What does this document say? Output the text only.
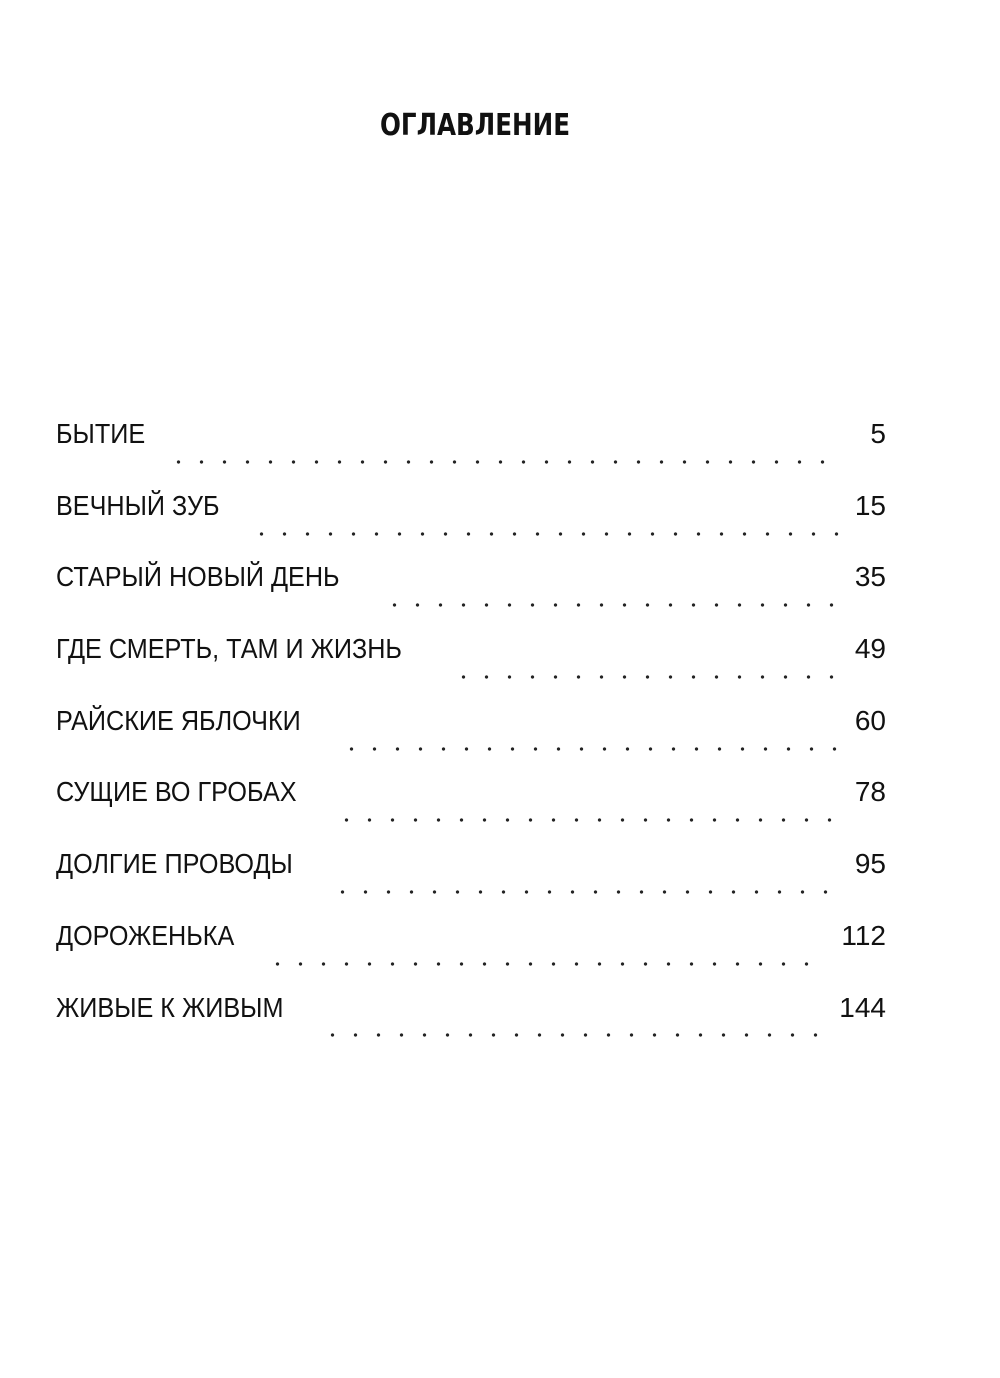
ОГЛАВЛЕНИЕ
БЫТИЕ	5
ВЕЧНЫЙ ЗУБ	15
СТАРЫЙ НОВЫЙ ДЕНЬ	35
ГДЕ СМЕРТЬ, ТАМ И ЖИЗНЬ	49
РАЙСКИЕ ЯБЛОЧКИ	60
СУЩИЕ ВО ГРОБАХ	78
ДОЛГИЕ ПРОВОДЫ	95
ДОРОЖЕНЬКА	112
ЖИВЫЕ К ЖИВЫМ	144
